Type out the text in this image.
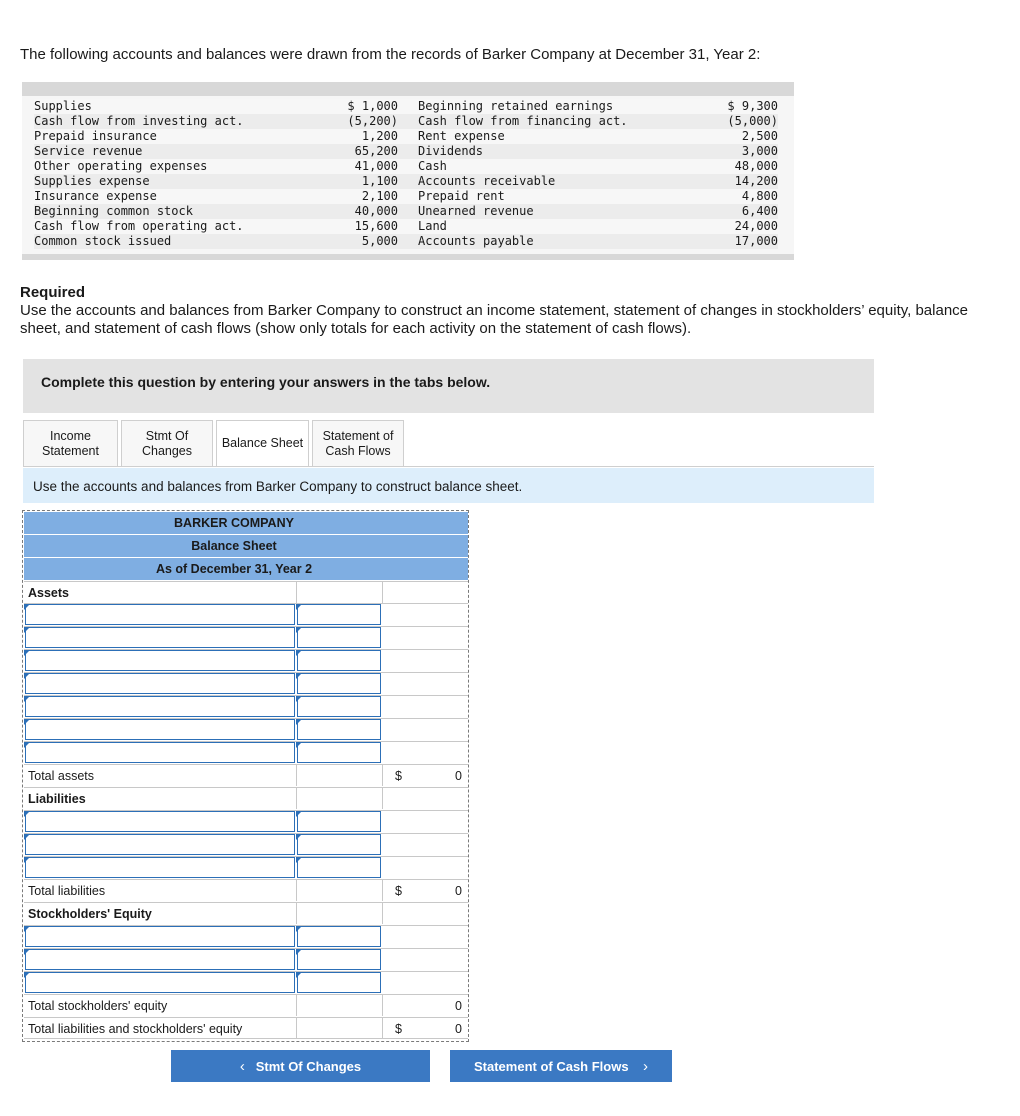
The following accounts and balances were drawn from the records of Barker Company at December 31, Year 2:
Supplies	$ 1,000	Beginning retained earnings	$ 9,300
Cash flow from investing act.	(5,200)	Cash flow from financing act.	(5,000)
Prepaid insurance	1,200	Rent expense	2,500
Service revenue	65,200	Dividends	3,000
Other operating expenses	41,000	Cash	48,000
Supplies expense	1,100	Accounts receivable	14,200
Insurance expense	2,100	Prepaid rent	4,800
Beginning common stock	40,000	Unearned revenue	6,400
Cash flow from operating act.	15,600	Land	24,000
Common stock issued	5,000	Accounts payable	17,000
Required
Use the accounts and balances from Barker Company to construct an income statement, statement of changes in stockholders’ equity, balance sheet, and statement of cash flows (show only totals for each activity on the statement of cash flows).
Complete this question by entering your answers in the tabs below.
Income
Statement
Stmt Of
Changes
Balance Sheet
Statement of
Cash Flows
Use the accounts and balances from Barker Company to construct balance sheet.
BARKER COMPANY
Balance Sheet
As of December 31, Year 2
Assets
Total assets	$	0
Liabilities
Total liabilities	$	0
Stockholders' Equity
Total stockholders' equity	0
Total liabilities and stockholders' equity	$	0
‹
Stmt Of Changes	Statement of Cash Flows
›
